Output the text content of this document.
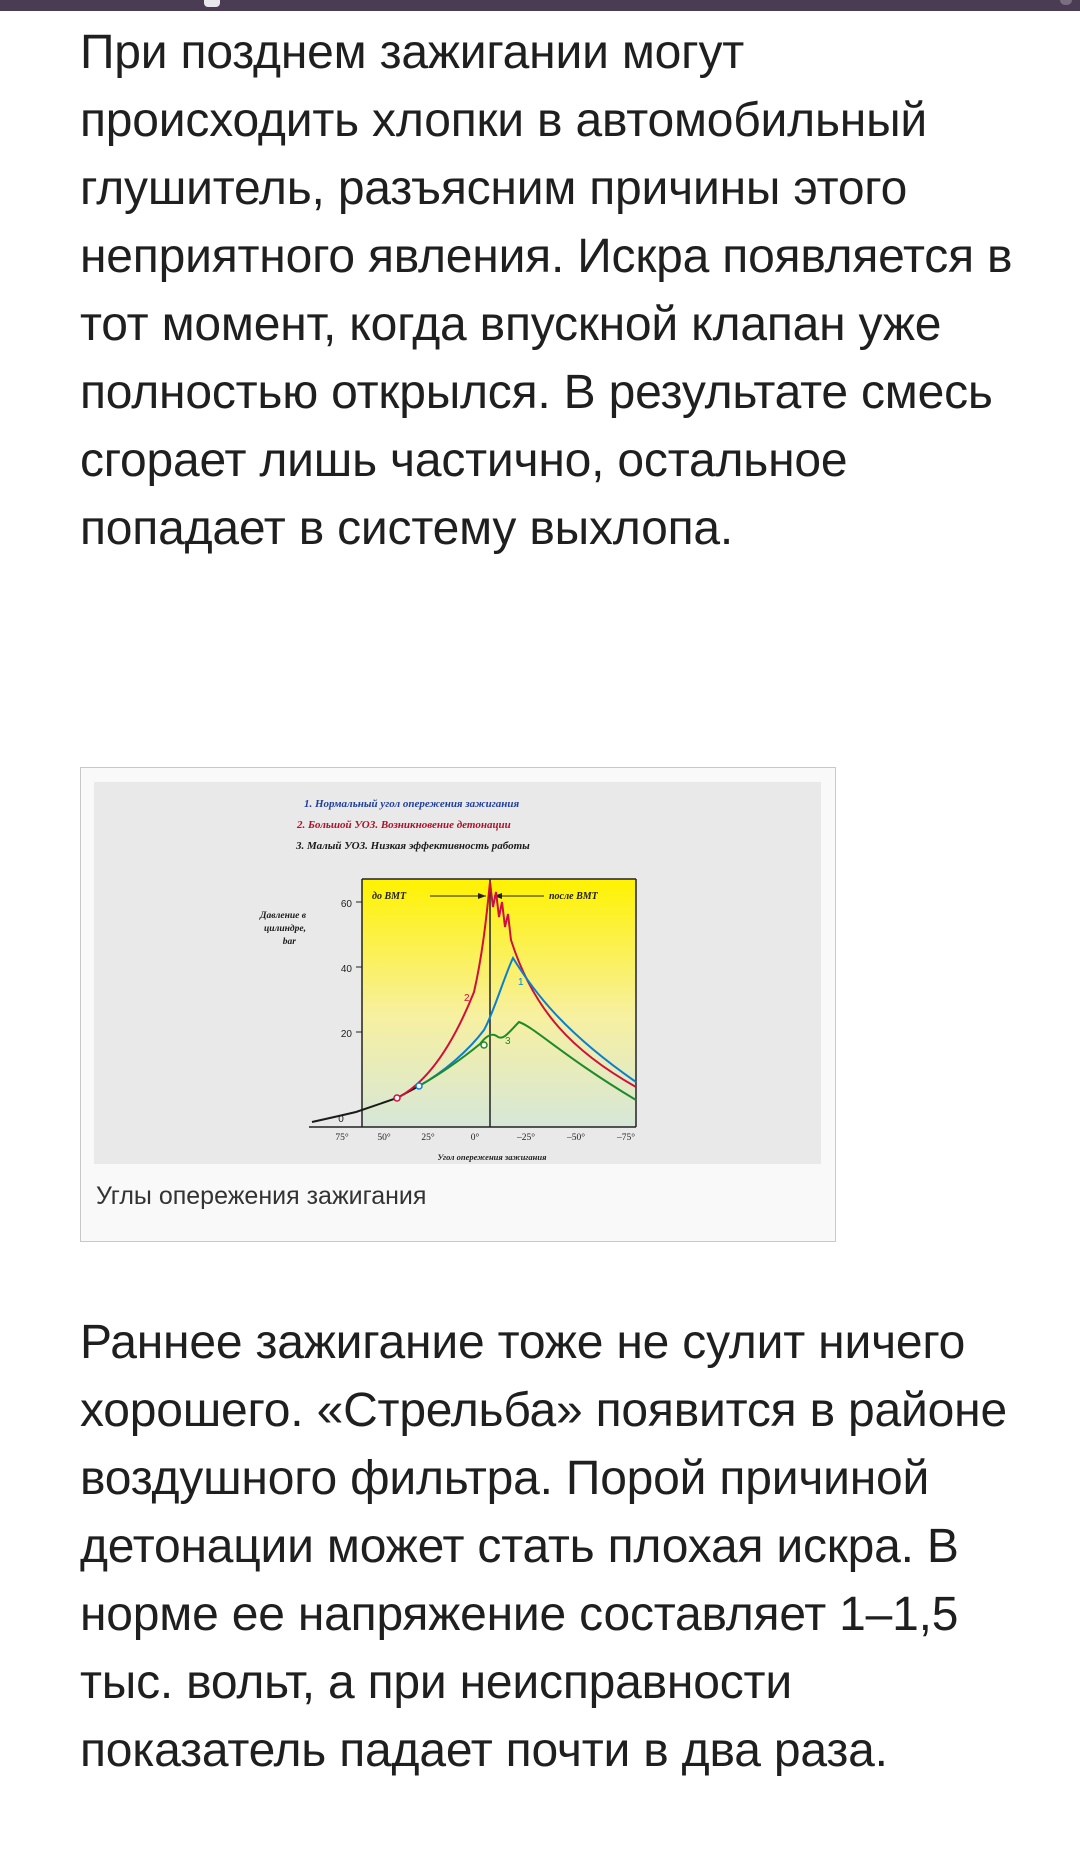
При позднем зажигании могут происходить хлопки в автомобильный глушитель, разъясним причины этого неприятного явления. Искра появляется в тот момент, когда впускной клапан уже полностью открылся. В результате смесь сгорает лишь частично, остальное попадает в систему выхлопа.

1. Нормальный угол опережения зажигания
2. Большой УОЗ. Возникновение детонации
3. Малый УОЗ. Низкая эффективность работы
Давление в
цилиндре,
bar
60
40
20
0
75°	50°	25°	0°	–25°	–50°	–75°
Угол опережения зажигания
до ВМТ	после ВМТ
1
2
3
Углы опережения зажигания

Раннее зажигание тоже не сулит ничего хорошего. «Стрельба» появится в районе воздушного фильтра. Порой причиной детонации может стать плохая искра. В норме ее напряжение составляет 1–1,5 тыс. вольт, а при неисправности показатель падает почти в два раза.
